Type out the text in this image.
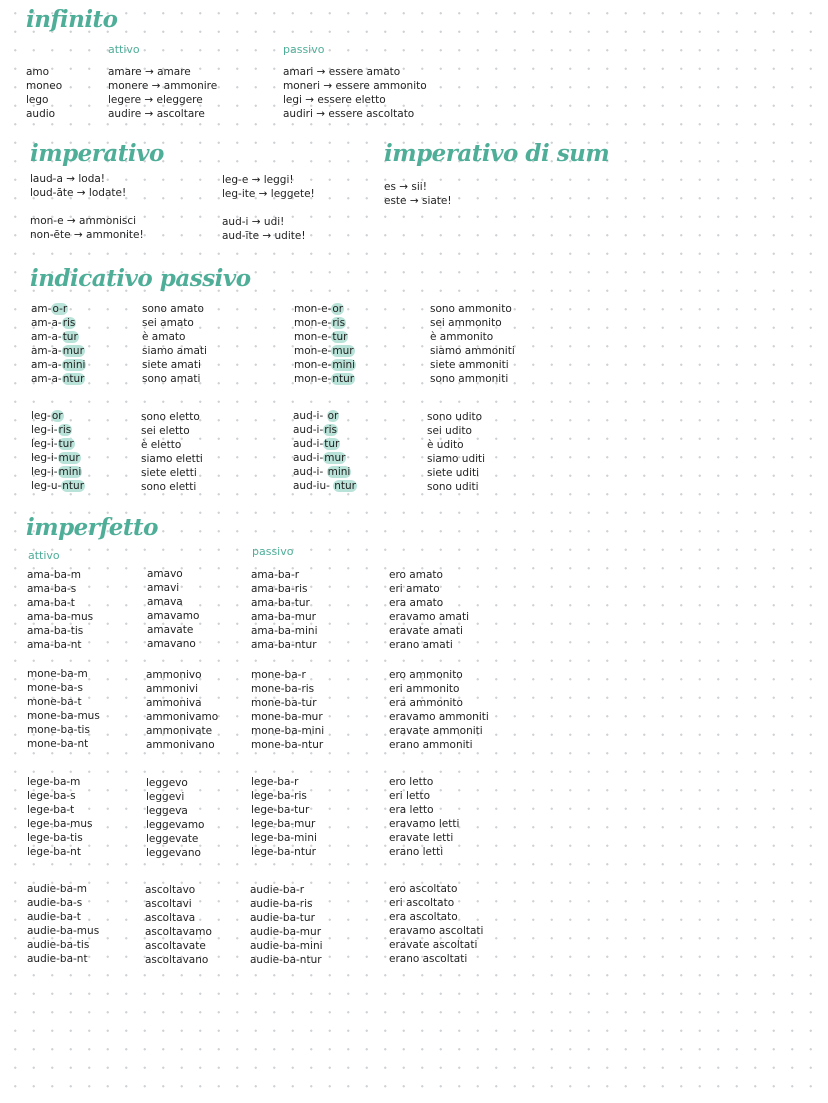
infinito
attivo	passivo
amo
moneo
lego
audio
amare → amare
monere → ammonire
legere → eleggere
audire → ascoltare
amari → essere amato
moneri → essere ammonito
legi → essere eletto
audiri → essere ascoltato
imperativo
laud-a → loda!
loud-āte → lodate!
mon-e → ammonisci
non-ēte → ammonite!
leg-e → leggi!
leg-ite → leggete!
aud-i → udi!
aud-īte → udite!
imperativo di sum
es → sii!
este → siate!
indicativo passivo
am-o-r
am-a-ris
am-a-tur
am-a-mur
am-a-mini
am-a-ntur
sono amato
sei amato
è amato
siamo amati
siete amati
sono amati
mon-e-or
mon-e-ris
mon-e-tur
mon-e-mur
mon-e-mini
mon-e-ntur
sono ammonito
sei ammonito
è ammonito
siamo ammoniti
siete ammoniti
sono ammoniti
leg-or
leg-i-ris
leg-i-tur
leg-i-mur
leg-i-mini
leg-u-ntur
sono eletto
sei eletto
è eletto
siamo eletti
siete eletti
sono eletti
aud-i- or
aud-i-ris
aud-i-tur
aud-i-mur
aud-i- mini
aud-iu- ntur
sono udito
sei udito
è udito
siamo uditi
siete uditi
sono uditi
imperfetto
attivo	passivo
ama-ba-m
ama-ba-s
ama-ba-t
ama-ba-mus
ama-ba-tis
ama-ba-nt
amavo
amavi
amava
amavamo
amavate
amavano
ama-ba-r
ama-ba-ris
ama-ba-tur
ama-ba-mur
ama-ba-mini
ama-ba-ntur
ero amato
eri amato
era amato
eravamo amati
eravate amati
erano amati
mone-ba-m
mone-ba-s
mone-ba-t
mone-ba-mus
mone-ba-tis
mone-ba-nt
ammonivo
ammonivi
ammoniva
ammonivamo
ammonivate
ammonivano
mone-ba-r
mone-ba-ris
mone-ba-tur
mone-ba-mur
mone-ba-mini
mone-ba-ntur
ero ammonito
eri ammonito
era ammonito
eravamo ammoniti
eravate ammoniti
erano ammoniti
lege-ba-m
lege-ba-s
lege-ba-t
lege-ba-mus
lege-ba-tis
lege-ba-nt
leggevo
leggevi
leggeva
leggevamo
leggevate
leggevano
lege-ba-r
lege-ba-ris
lege-ba-tur
lege-ba-mur
lege-ba-mini
lege-ba-ntur
ero letto
eri letto
era letto
eravamo letti
eravate letti
erano letti
audie-ba-m
audie-ba-s
audie-ba-t
audie-ba-mus
audie-ba-tis
audie-ba-nt
ascoltavo
ascoltavi
ascoltava
ascoltavamo
ascoltavate
ascoltavano
audie-ba-r
audie-ba-ris
audie-ba-tur
audie-ba-mur
audie-ba-mini
audie-ba-ntur
ero ascoltato
eri ascoltato
era ascoltato
eravamo ascoltati
eravate ascoltati
erano ascoltati
